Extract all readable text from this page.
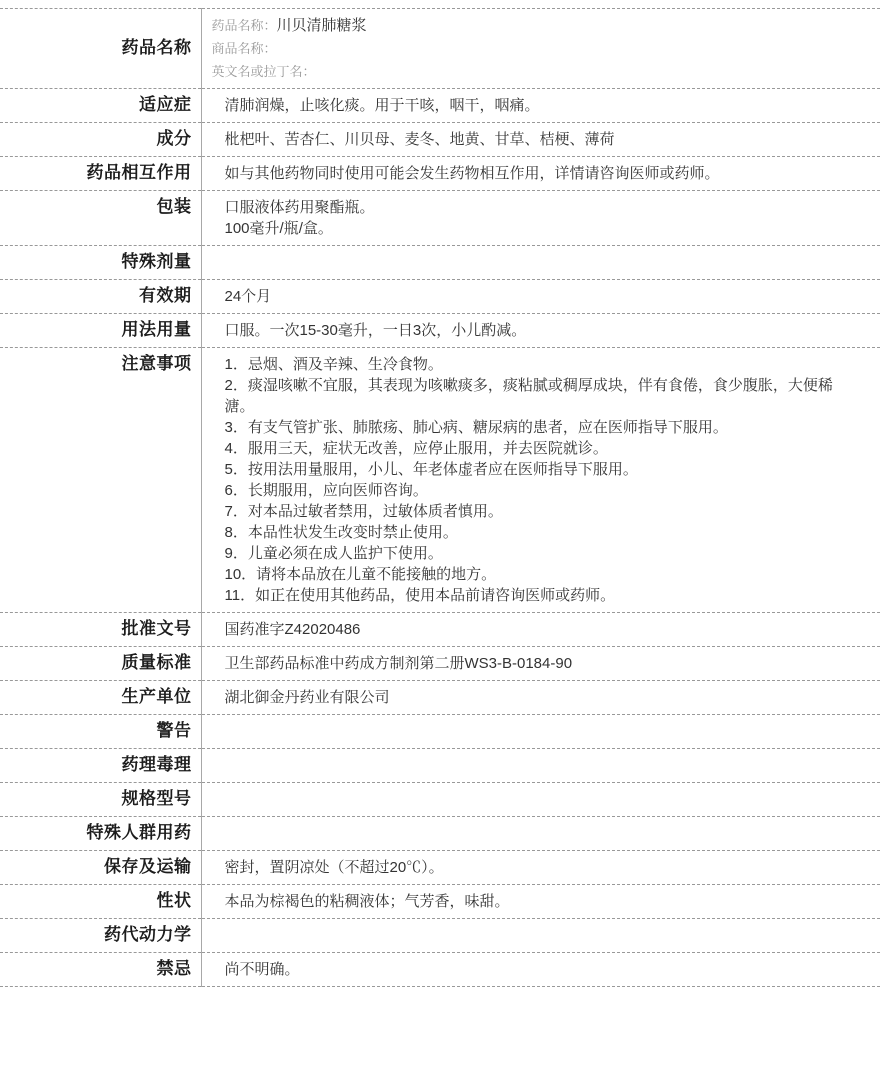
药品名称	药品名称：川贝清肺糖浆
商品名称：
英文名或拉丁名：

适应症	清肺润燥，止咳化痰。用于干咳，咽干，咽痛。
成分	枇杷叶、苦杏仁、川贝母、麦冬、地黄、甘草、桔梗、薄荷
药品相互作用	如与其他药物同时使用可能会发生药物相互作用，详情请咨询医师或药师。
包装	口服液体药用聚酯瓶。
100毫升/瓶/盒。

特殊剂量	
有效期	24个月
用法用量	口服。一次15-30毫升，一日3次，小儿酌减。
注意事项	1．忌烟、酒及辛辣、生冷食物。
2．痰湿咳嗽不宜服，其表现为咳嗽痰多，痰粘腻或稠厚成块，伴有食倦，食少腹胀，大便稀溏。
3．有支气管扩张、肺脓疡、肺心病、糖尿病的患者，应在医师指导下服用。
4．服用三天，症状无改善，应停止服用，并去医院就诊。
5．按用法用量服用，小儿、年老体虚者应在医师指导下服用。
6．长期服用，应向医师咨询。
7．对本品过敏者禁用，过敏体质者慎用。
8．本品性状发生改变时禁止使用。
9．儿童必须在成人监护下使用。
10．请将本品放在儿童不能接触的地方。
11．如正在使用其他药品，使用本品前请咨询医师或药师。

批准文号	国药准字Z42020486
质量标准	卫生部药品标准中药成方制剂第二册WS3-B-0184-90
生产单位	湖北御金丹药业有限公司
警告	
药理毒理	
规格型号	
特殊人群用药	
保存及运输	密封，置阴凉处（不超过20℃）。
性状	本品为棕褐色的粘稠液体；气芳香，味甜。
药代动力学	
禁忌	尚不明确。
